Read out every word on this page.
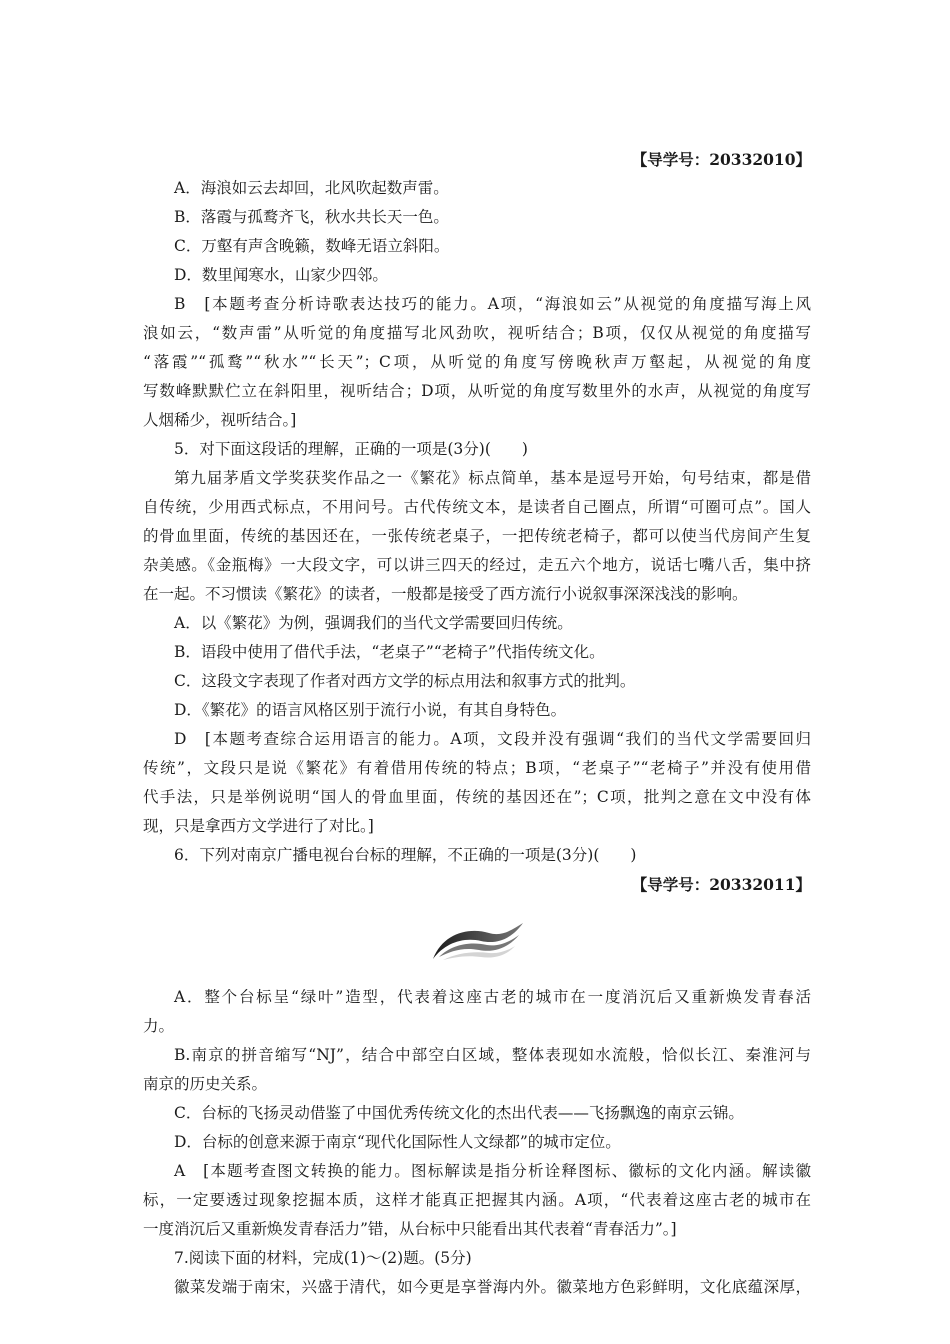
【导学号：20332010】
A．海浪如云去却回，北风吹起数声雷。
B．落霞与孤鹜齐飞，秋水共长天一色。
C．万壑有声含晚籁，数峰无语立斜阳。
D．数里闻寒水，山家少四邻。
B　[本题考查分析诗歌表达技巧的能力。A项，“海浪如云”从视觉的角度描写海上风
浪如云，“数声雷”从听觉的角度描写北风劲吹，视听结合；B项，仅仅从视觉的角度描写
“落霞”“孤鹜”“秋水”“长天”；C项，从听觉的角度写傍晚秋声万壑起，从视觉的角度
写数峰默默伫立在斜阳里，视听结合；D项，从听觉的角度写数里外的水声，从视觉的角度写
人烟稀少，视听结合。]
5．对下面这段话的理解，正确的一项是(3分)(　　)
第九届茅盾文学奖获奖作品之一《繁花》标点简单，基本是逗号开始，句号结束，都是借
自传统，少用西式标点，不用问号。古代传统文本，是读者自己圈点，所谓“可圈可点”。国人
的骨血里面，传统的基因还在，一张传统老桌子，一把传统老椅子，都可以使当代房间产生复
杂美感。《金瓶梅》一大段文字，可以讲三四天的经过，走五六个地方，说话七嘴八舌，集中挤
在一起。不习惯读《繁花》的读者，一般都是接受了西方流行小说叙事深深浅浅的影响。
A．以《繁花》为例，强调我们的当代文学需要回归传统。
B．语段中使用了借代手法，“老桌子”“老椅子”代指传统文化。
C．这段文字表现了作者对西方文学的标点用法和叙事方式的批判。
D．《繁花》的语言风格区别于流行小说，有其自身特色。
D　[本题考查综合运用语言的能力。A项，文段并没有强调“我们的当代文学需要回归
传统”，文段只是说《繁花》有着借用传统的特点；B项，“老桌子”“老椅子”并没有使用借
代手法，只是举例说明“国人的骨血里面，传统的基因还在”；C项，批判之意在文中没有体
现，只是拿西方文学进行了对比。]
6．下列对南京广播电视台台标的理解，不正确的一项是(3分)(　　)
【导学号：20332011】
A．整个台标呈“绿叶”造型，代表着这座古老的城市在一度消沉后又重新焕发青春活
力。
B.南京的拼音缩写“NJ”，结合中部空白区域，整体表现如水流般，恰似长江、秦淮河与
南京的历史关系。
C．台标的飞扬灵动借鉴了中国优秀传统文化的杰出代表——飞扬飘逸的南京云锦。
D．台标的创意来源于南京“现代化国际性人文绿都”的城市定位。
A　[本题考查图文转换的能力。图标解读是指分析诠释图标、徽标的文化内涵。解读徽
标，一定要透过现象挖掘本质，这样才能真正把握其内涵。A项，“代表着这座古老的城市在
一度消沉后又重新焕发青春活力”错，从台标中只能看出其代表着“青春活力”。]
7.阅读下面的材料，完成(1)～(2)题。(5分)
徽菜发端于南宋，兴盛于清代，如今更是享誉海内外。徽菜地方色彩鲜明，文化底蕴深厚，
